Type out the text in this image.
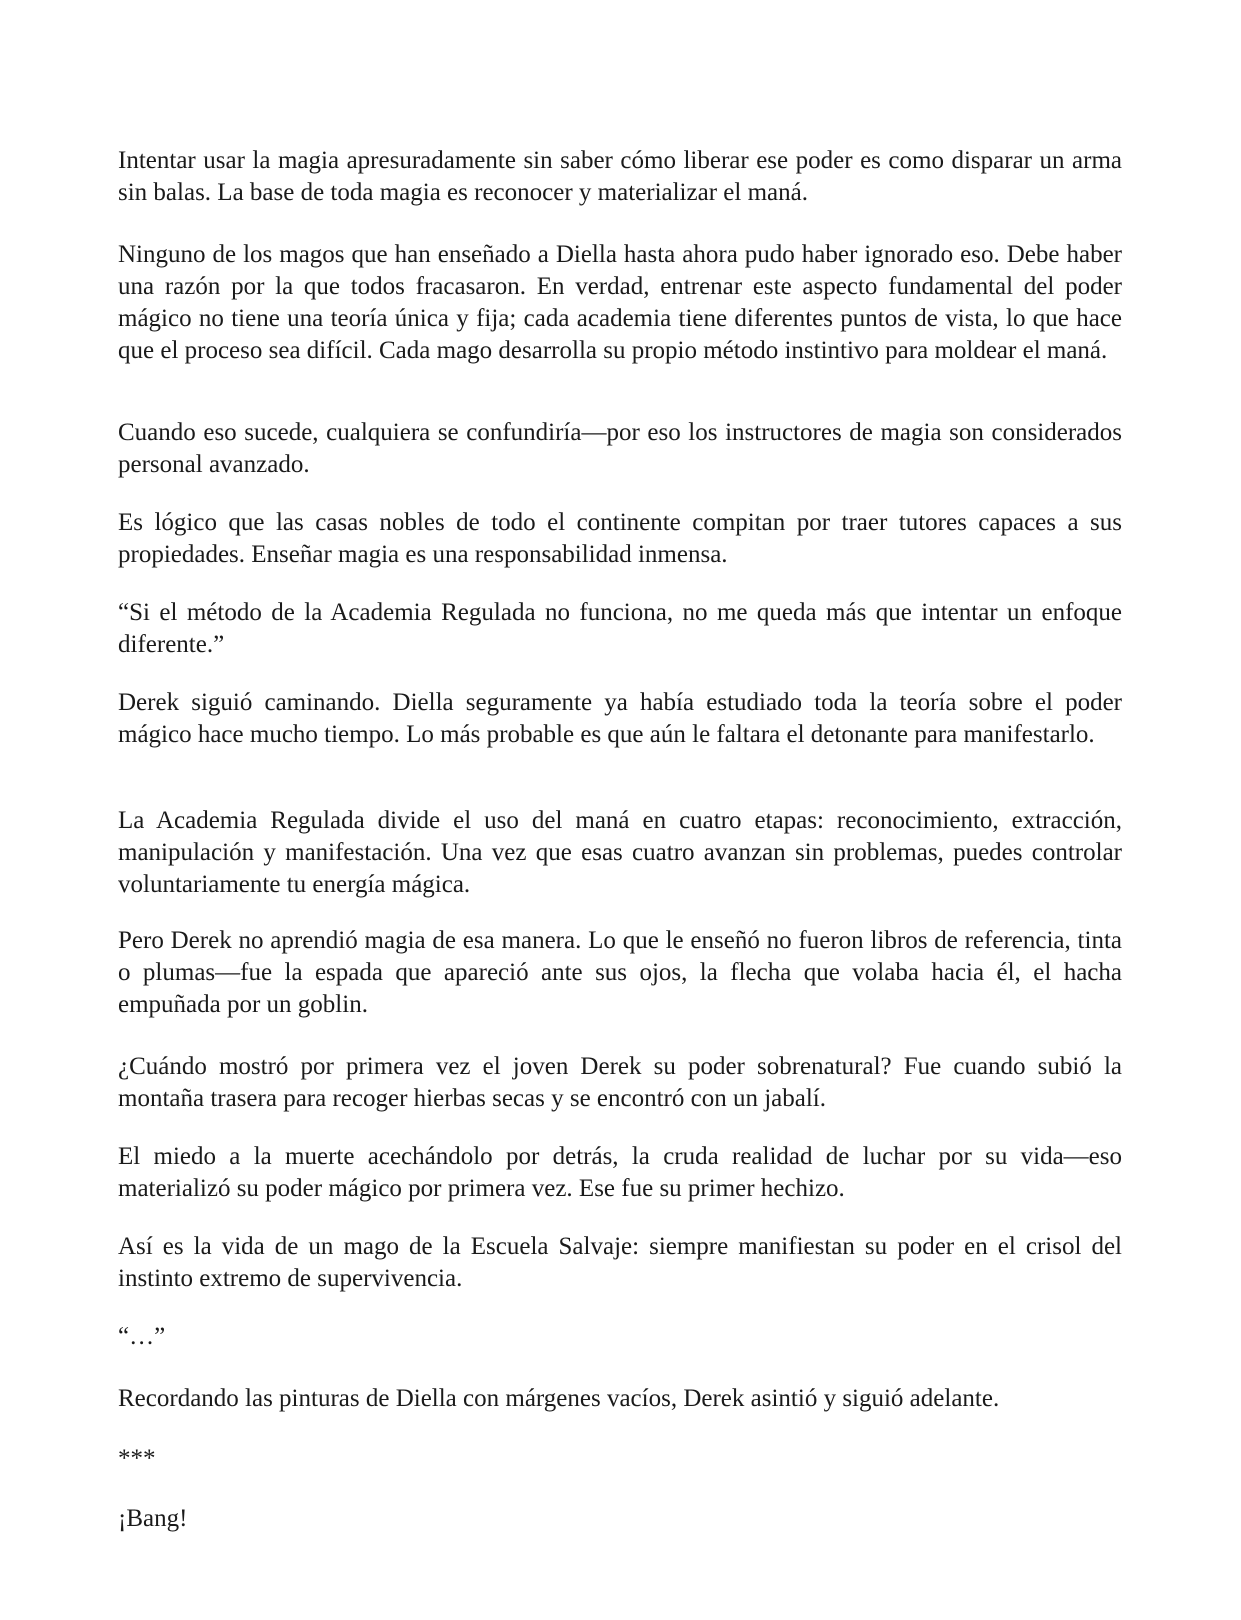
Intentar usar la magia apresuradamente sin saber cómo liberar ese poder es como disparar un arma sin balas. La base de toda magia es reconocer y materializar el maná.

Ninguno de los magos que han enseñado a Diella hasta ahora pudo haber ignorado eso. Debe haber una razón por la que todos fracasaron. En verdad, entrenar este aspecto fundamental del poder mágico no tiene una teoría única y fija; cada academia tiene diferentes puntos de vista, lo que hace que el proceso sea difícil. Cada mago desarrolla su propio método instintivo para moldear el maná.

Cuando eso sucede, cualquiera se confundiría—por eso los instructores de magia son considerados personal avanzado.

Es lógico que las casas nobles de todo el continente compitan por traer tutores capaces a sus propiedades. Enseñar magia es una responsabilidad inmensa.

“Si el método de la Academia Regulada no funciona, no me queda más que intentar un enfoque diferente.”

Derek siguió caminando. Diella seguramente ya había estudiado toda la teoría sobre el poder mágico hace mucho tiempo. Lo más probable es que aún le faltara el detonante para manifestarlo.

La Academia Regulada divide el uso del maná en cuatro etapas: reconocimiento, extracción, manipulación y manifestación. Una vez que esas cuatro avanzan sin problemas, puedes controlar voluntariamente tu energía mágica.

Pero Derek no aprendió magia de esa manera. Lo que le enseñó no fueron libros de referencia, tinta o plumas—fue la espada que apareció ante sus ojos, la flecha que volaba hacia él, el hacha empuñada por un goblin.

¿Cuándo mostró por primera vez el joven Derek su poder sobrenatural? Fue cuando subió la montaña trasera para recoger hierbas secas y se encontró con un jabalí.

El miedo a la muerte acechándolo por detrás, la cruda realidad de luchar por su vida—eso materializó su poder mágico por primera vez. Ese fue su primer hechizo.

Así es la vida de un mago de la Escuela Salvaje: siempre manifiestan su poder en el crisol del instinto extremo de supervivencia.

“…”

Recordando las pinturas de Diella con márgenes vacíos, Derek asintió y siguió adelante.

***

¡Bang!
